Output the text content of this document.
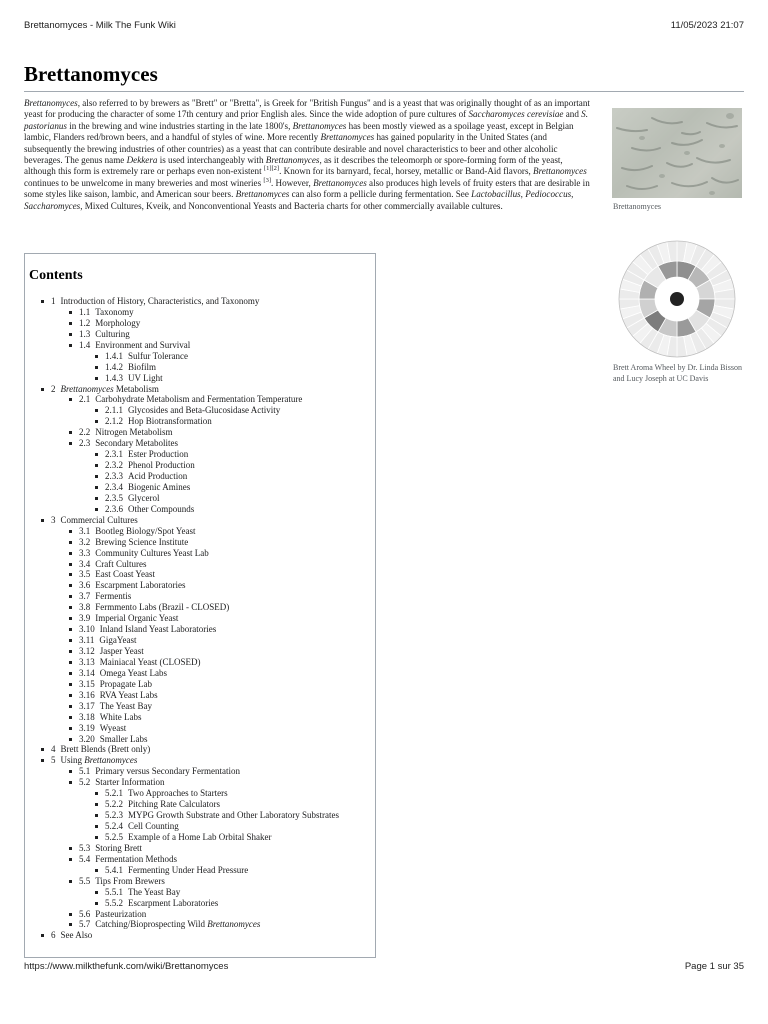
Brettanomyces - Milk The Funk Wiki	11/05/2023 21:07
Brettanomyces

Brettanomyces, also referred to by brewers as "Brett" or "Bretta", is Greek for "British Fungus" and is a yeast that was originally thought of as an important yeast for producing the character of some 17th century and prior English ales. Since the wide adoption of pure cultures of Saccharomyces cerevisiae and S. pastorianus in the brewing and wine industries starting in the late 1800's, Brettanomyces has been mostly viewed as a spoilage yeast, except in Belgian lambic, Flanders red/brown beers, and a handful of styles of wine. More recently Brettanomyces has gained popularity in the United States (and subsequently the brewing industries of other countries) as a yeast that can contribute desirable and novel characteristics to beer and other alcoholic beverages. The genus name Dekkera is used interchangeably with Brettanomyces, as it describes the teleomorph or spore-forming form of the yeast, although this form is extremely rare or perhaps even non-existent [1][2]. Known for its barnyard, fecal, horsey, metallic or Band-Aid flavors, Brettanomyces continues to be unwelcome in many breweries and most wineries [3]. However, Brettanomyces also produces high levels of fruity esters that are desirable in some styles like saison, lambic, and American sour beers. Brettanomyces can also form a pellicle during fermentation. See Lactobacillus, Pediococcus, Saccharomyces, Mixed Cultures, Kveik, and Nonconventional Yeasts and Bacteria charts for other commercially available cultures.	Brettanomyces
Brett Aroma Wheel by Dr. Linda Bisson and Lucy Joseph at UC Davis
Contents
1 Introduction of History, Characteristics, and Taxonomy
1.1 Taxonomy
1.2 Morphology
1.3 Culturing
1.4 Environment and Survival
1.4.1 Sulfur Tolerance
1.4.2 Biofilm
1.4.3 UV Light
2 Brettanomyces Metabolism
2.1 Carbohydrate Metabolism and Fermentation Temperature
2.1.1 Glycosides and Beta-Glucosidase Activity
2.1.2 Hop Biotransformation
2.2 Nitrogen Metabolism
2.3 Secondary Metabolites
2.3.1 Ester Production
2.3.2 Phenol Production
2.3.3 Acid Production
2.3.4 Biogenic Amines
2.3.5 Glycerol
2.3.6 Other Compounds
3 Commercial Cultures
3.1 Bootleg Biology/Spot Yeast
3.2 Brewing Science Institute
3.3 Community Cultures Yeast Lab
3.4 Craft Cultures
3.5 East Coast Yeast
3.6 Escarpment Laboratories
3.7 Fermentis
3.8 Fermmento Labs (Brazil - CLOSED)
3.9 Imperial Organic Yeast
3.10 Inland Island Yeast Laboratories
3.11 GigaYeast
3.12 Jasper Yeast
3.13 Mainiacal Yeast (CLOSED)
3.14 Omega Yeast Labs
3.15 Propagate Lab
3.16 RVA Yeast Labs
3.17 The Yeast Bay
3.18 White Labs
3.19 Wyeast
3.20 Smaller Labs
4 Brett Blends (Brett only)
5 Using Brettanomyces
5.1 Primary versus Secondary Fermentation
5.2 Starter Information
5.2.1 Two Approaches to Starters
5.2.2 Pitching Rate Calculators
5.2.3 MYPG Growth Substrate and Other Laboratory Substrates
5.2.4 Cell Counting
5.2.5 Example of a Home Lab Orbital Shaker
5.3 Storing Brett
5.4 Fermentation Methods
5.4.1 Fermenting Under Head Pressure
5.5 Tips From Brewers
5.5.1 The Yeast Bay
5.5.2 Escarpment Laboratories
5.6 Pasteurization
5.7 Catching/Bioprospecting Wild Brettanomyces
6 See Also
https://www.milkthefunk.com/wiki/Brettanomyces	Page 1 sur 35
